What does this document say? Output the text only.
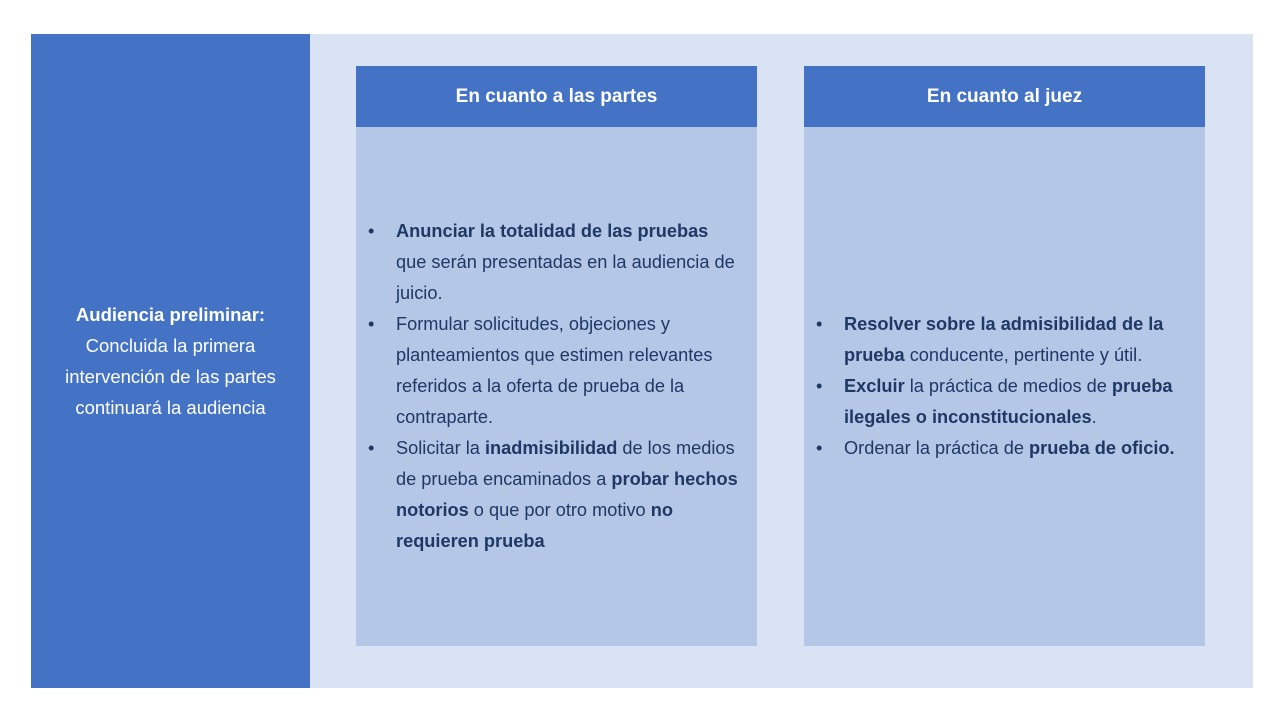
Audiencia preliminar:
Concluida la primera intervención de las partes continuará la audiencia
En cuanto a las partes
•	Anunciar la totalidad de las pruebas que serán presentadas en la audiencia de juicio.
•	Formular solicitudes, objeciones y planteamientos que estimen relevantes referidos a la oferta de prueba de la contraparte.
•	Solicitar la inadmisibilidad de los medios de prueba encaminados a probar hechos notorios o que por otro motivo no requieren prueba
En cuanto al juez
•	Resolver sobre la admisibilidad de la prueba conducente, pertinente y útil.
•	Excluir la práctica de medios de prueba ilegales o inconstitucionales.
•	Ordenar la práctica de prueba de oficio.
